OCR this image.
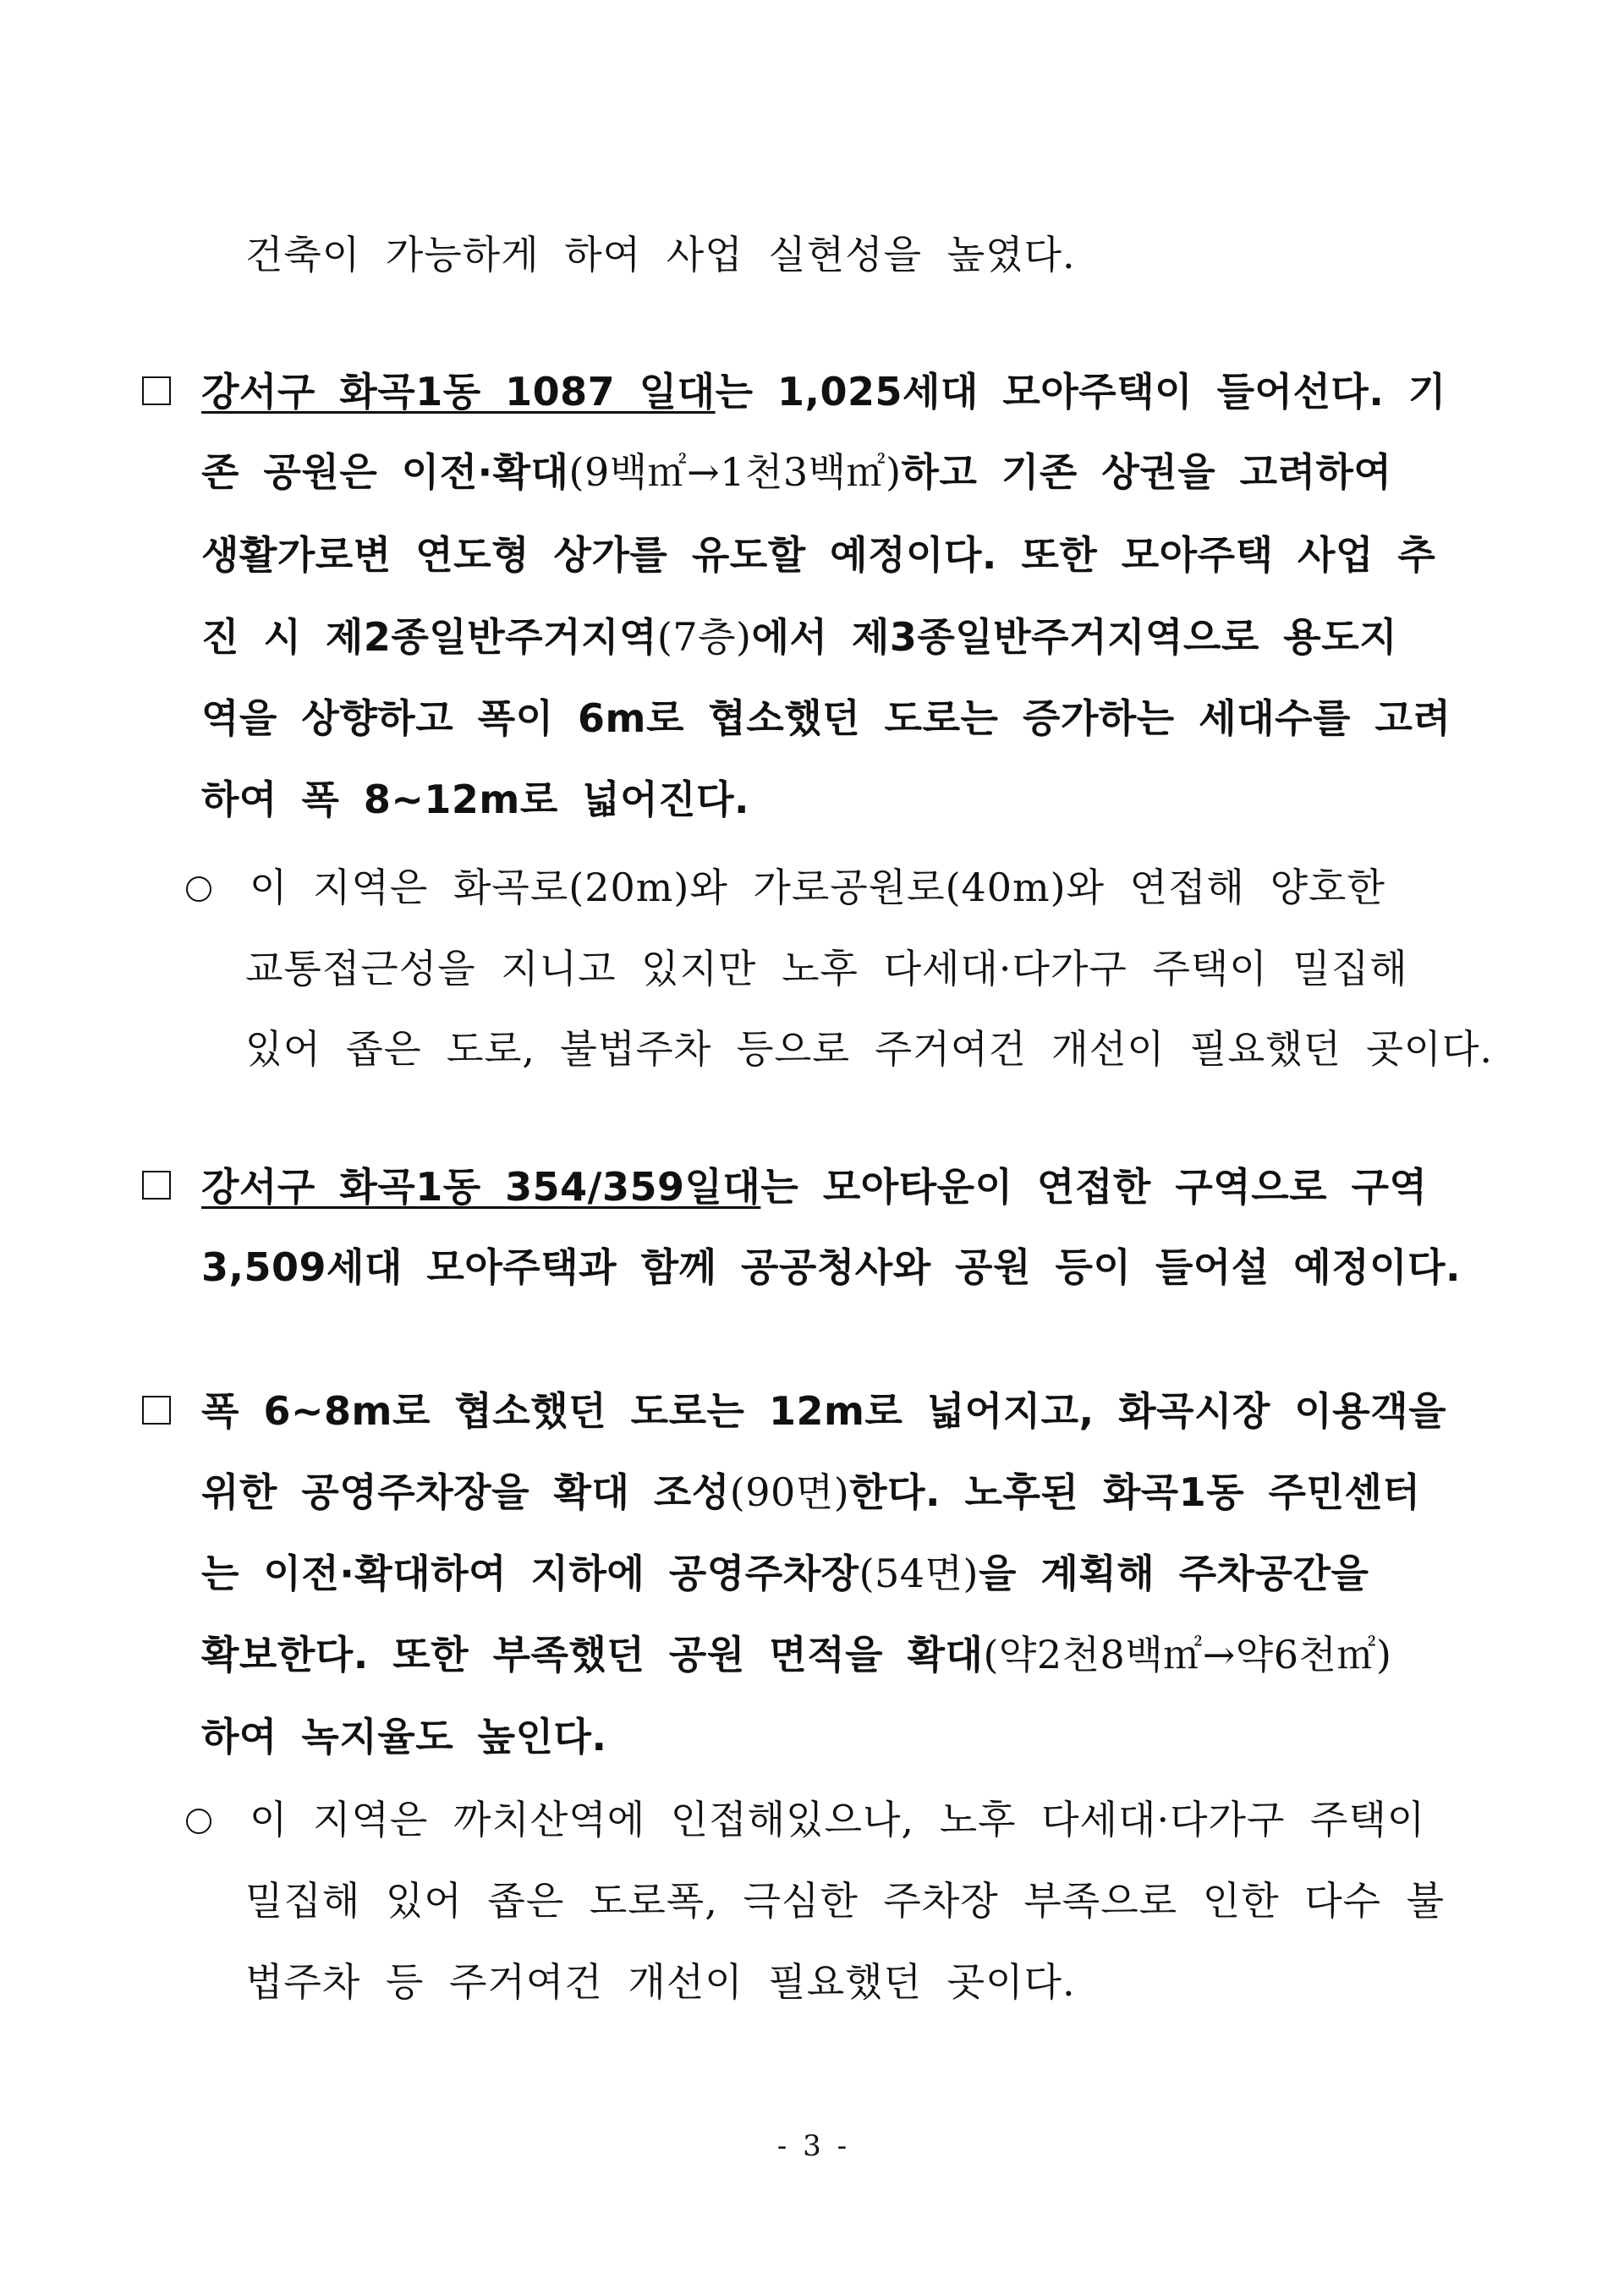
건축이 가능하게 하여 사업 실현성을 높였다.
강서구 화곡1동 1087 일대는 1,025세대 모아주택이 들어선다. 기
존 공원은 이전·확대(9백㎡→1천3백㎡)하고 기존 상권을 고려하여
생활가로변 연도형 상가를 유도할 예정이다. 또한 모아주택 사업 추
진 시 제2종일반주거지역(7층)에서 제3종일반주거지역으로 용도지
역을 상향하고 폭이 6m로 협소했던 도로는 증가하는 세대수를 고려
하여 폭 8~12m로 넓어진다.
이 지역은 화곡로(20m)와 가로공원로(40m)와 연접해 양호한
교통접근성을 지니고 있지만 노후 다세대·다가구 주택이 밀집해
있어 좁은 도로, 불법주차 등으로 주거여건 개선이 필요했던 곳이다.
강서구 화곡1동 354/359일대는 모아타운이 연접한 구역으로 구역
3,509세대 모아주택과 함께 공공청사와 공원 등이 들어설 예정이다.
폭 6~8m로 협소했던 도로는 12m로 넓어지고, 화곡시장 이용객을
위한 공영주차장을 확대 조성(90면)한다. 노후된 화곡1동 주민센터
는 이전·확대하여 지하에 공영주차장(54면)을 계획해 주차공간을
확보한다. 또한 부족했던 공원 면적을 확대(약2천8백㎡→약6천㎡)
하여 녹지율도 높인다.
이 지역은 까치산역에 인접해있으나, 노후 다세대·다가구 주택이
밀집해 있어 좁은 도로폭, 극심한 주차장 부족으로 인한 다수 불
법주차 등 주거여건 개선이 필요했던 곳이다.
- 3 -
